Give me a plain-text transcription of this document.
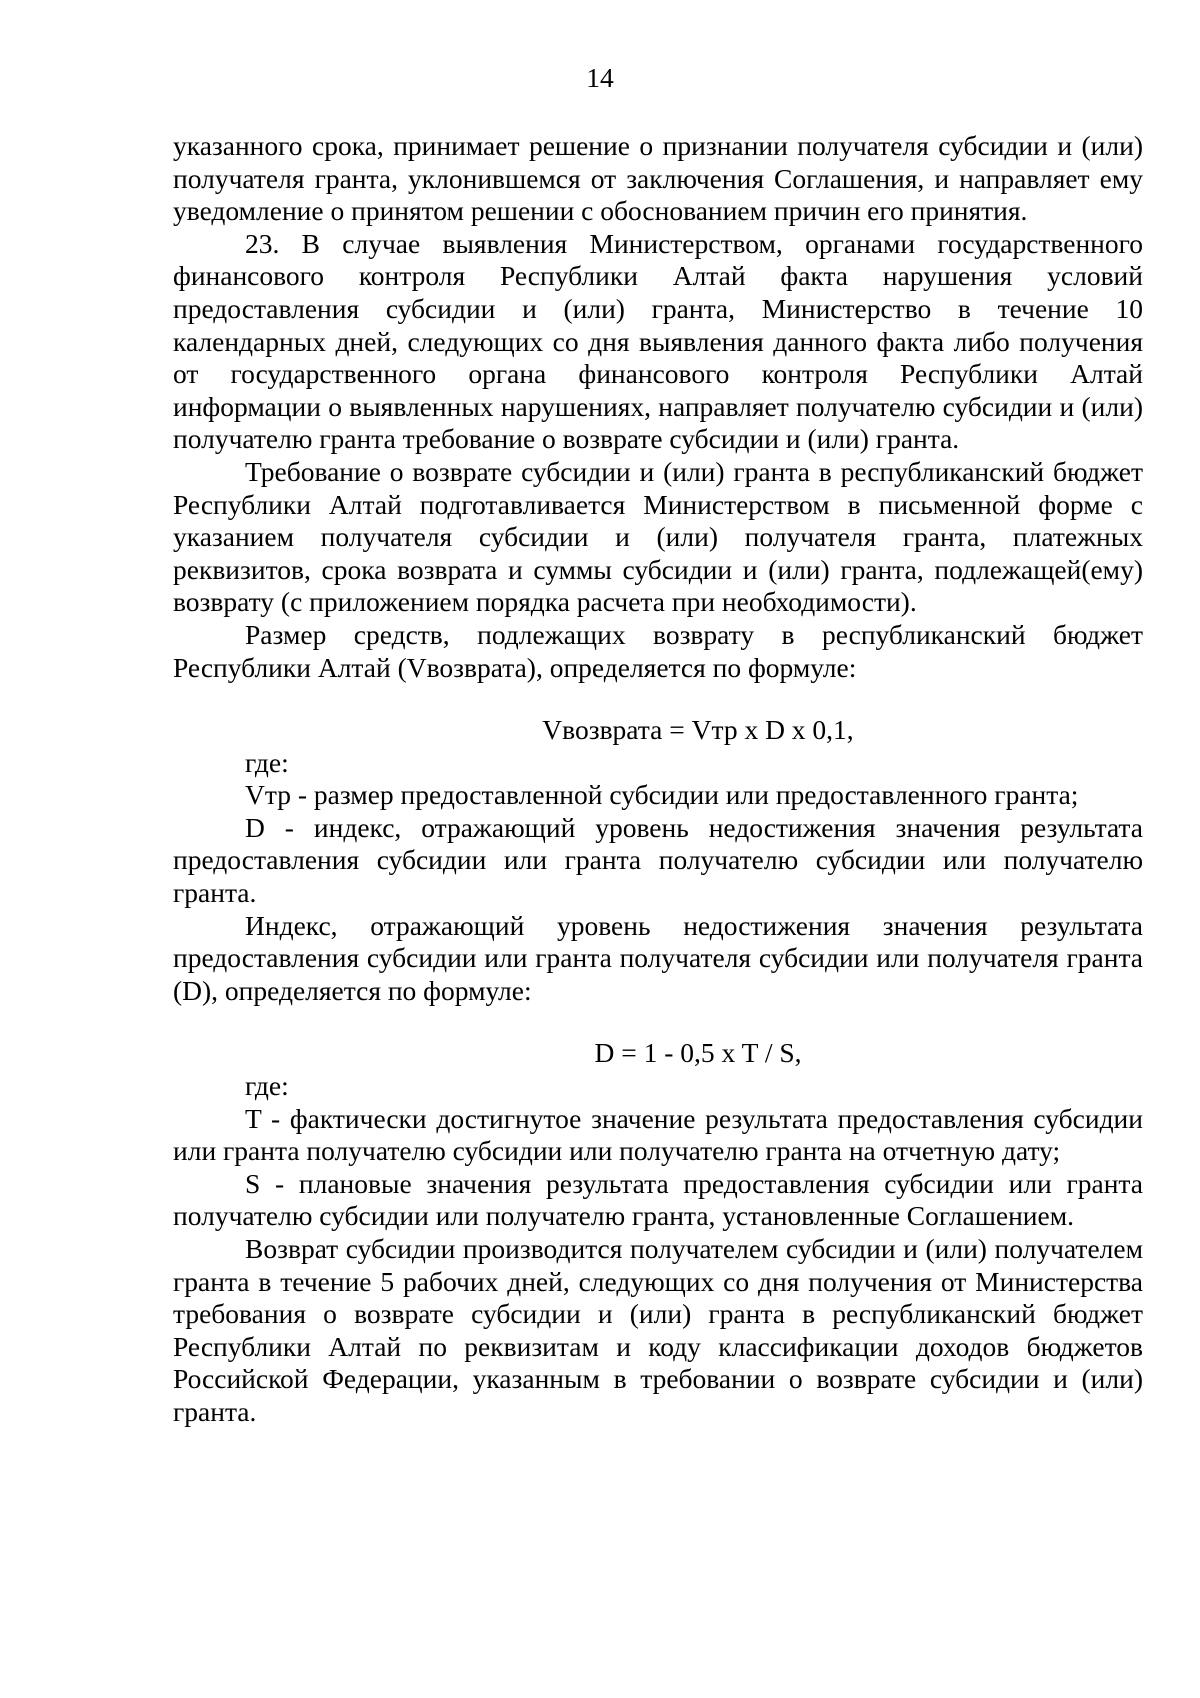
14

указанного срока, принимает решение о признании получателя субсидии и (или) получателя гранта, уклонившемся от заключения Соглашения, и направляет ему уведомление о принятом решении с обоснованием причин его принятия.

23. В случае выявления Министерством, органами государственного финансового контроля Республики Алтай факта нарушения условий предоставления субсидии и (или) гранта, Министерство в течение 10 календарных дней, следующих со дня выявления данного факта либо получения от государственного органа финансового контроля Республики Алтай информации о выявленных нарушениях, направляет получателю субсидии и (или) получателю гранта требование о возврате субсидии и (или) гранта.

Требование о возврате субсидии и (или) гранта в республиканский бюджет Республики Алтай подготавливается Министерством в письменной форме с указанием получателя субсидии и (или) получателя гранта, платежных реквизитов, срока возврата и суммы субсидии и (или) гранта, подлежащей(ему) возврату (с приложением порядка расчета при необходимости).

Размер средств, подлежащих возврату в республиканский бюджет Республики Алтай (Vвозврата), определяется по формуле:

Vвозврата = Vтр x D x 0,1,

где:

Vтр - размер предоставленной субсидии или предоставленного гранта;

D - индекс, отражающий уровень недостижения значения результата предоставления субсидии или гранта получателю субсидии или получателю гранта.

Индекс, отражающий уровень недостижения значения результата предоставления субсидии или гранта получателя субсидии или получателя гранта (D), определяется по формуле:

D = 1 - 0,5 x T / S,

где:

T - фактически достигнутое значение результата предоставления субсидии или гранта получателю субсидии или получателю гранта на отчетную дату;

S - плановые значения результата предоставления субсидии или гранта получателю субсидии или получателю гранта, установленные Соглашением.

Возврат субсидии производится получателем субсидии и (или) получателем гранта в течение 5 рабочих дней, следующих со дня получения от Министерства требования о возврате субсидии и (или) гранта в республиканский бюджет Республики Алтай по реквизитам и коду классификации доходов бюджетов Российской Федерации, указанным в требовании о возврате субсидии и (или) гранта.
